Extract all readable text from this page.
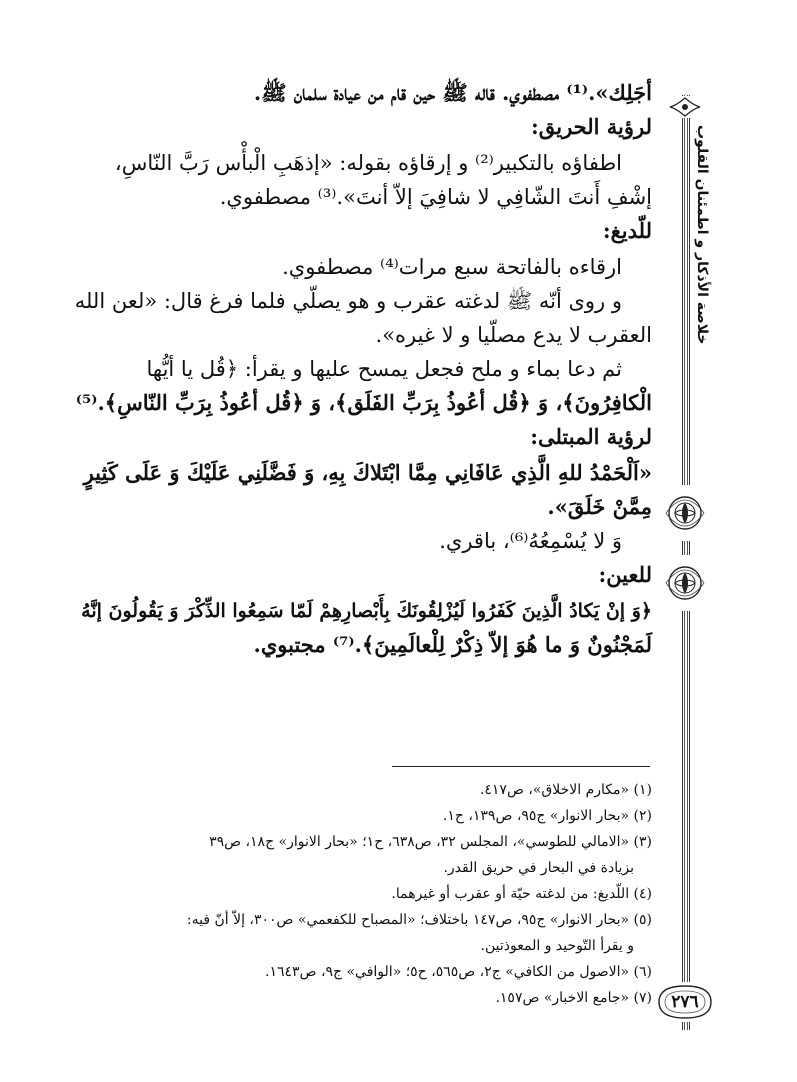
أجَلِك».⁽¹⁾ مصطفوي. قاله ﷺ حين قام من عيادة سلمان ﷺ.
لرؤية الحريق:
اطفاؤه بالتكبير⁽²⁾ و إرقاؤه بقوله: «إذهَبِ الْبأْس رَبَّ النّاسِ،
إشْفِ أَنتَ الشّافِي لا شافِيَ إلاّ أنتَ».⁽³⁾ مصطفوي.
للّديغ:
ارقاءه بالفاتحة سبع مرات⁽⁴⁾ مصطفوي.
و روى أنّه ﷺ لدغته عقرب و هو يصلّي فلما فرغ قال: «لعن الله
العقرب لا يدع مصلّيا و لا غيره».
ثم دعا بماء و ملح فجعل يمسح عليها و يقرأ: ﴿قُل يا أيُّها
الْكافِرُونَ﴾، وَ ﴿قُل أعُوذُ بِرَبِّ الفَلَق﴾، وَ ﴿قُل أعُوذُ بِرَبِّ النّاسِ﴾.⁽⁵⁾
لرؤية المبتلى:
«اَلْحَمْدُ للهِ الَّذِي عَافَانِي مِمَّا ابْتَلاكَ بِهِ، وَ فَضَّلَنِي عَلَيْكَ وَ عَلَى كَثِيرٍ
مِمَّنْ خَلَقَ».
وَ لا يُسْمِعُهُ⁽⁶⁾، باقري.
للعين:
﴿وَ إنْ يَكادُ الَّذِينَ كَفَرُوا لَيُزْلِقُونَكَ بِأَبْصارِهِمْ لَمّا سَمِعُوا الذِّكْرَ وَ يَقُولُونَ إنَّهُ
لَمَجْنُونٌ وَ ما هُوَ إلاّ ذِكْرٌ لِلْعالَمِينَ﴾.⁽⁷⁾ مجتبوي.
(١) «مكارم الاخلاق»، ص٤١٧.
(٢) «بحار الانوار» ج٩٥، ص١٣٩، ح١.
(٣) «الامالي للطوسي»، المجلس ٣٢، ص٦٣٨، ح١؛ «بحار الانوار» ج١٨، ص٣٩
بزيادة في البحار في حريق القدر.
(٤) اللّديغ: من لدغته حيّة أو عقرب أو غيرهما.
(٥) «بحار الانوار» ج٩٥، ص١٤٧ باختلاف؛ «المصباح للكفعمي» ص٣٠٠، إلاّ أنّ فيه:
و يقرأ التّوحيد و المعوذتين.
(٦) «الاصول من الكافي» ج٢، ص٥٦٥، ح٥؛ «الوافي» ج٩، ص١٦٤٣.
(٧) «جامع الاخبار» ص١٥٧.
خلاصة الأذكار و اطمئنان القلوب
٢٧٦
